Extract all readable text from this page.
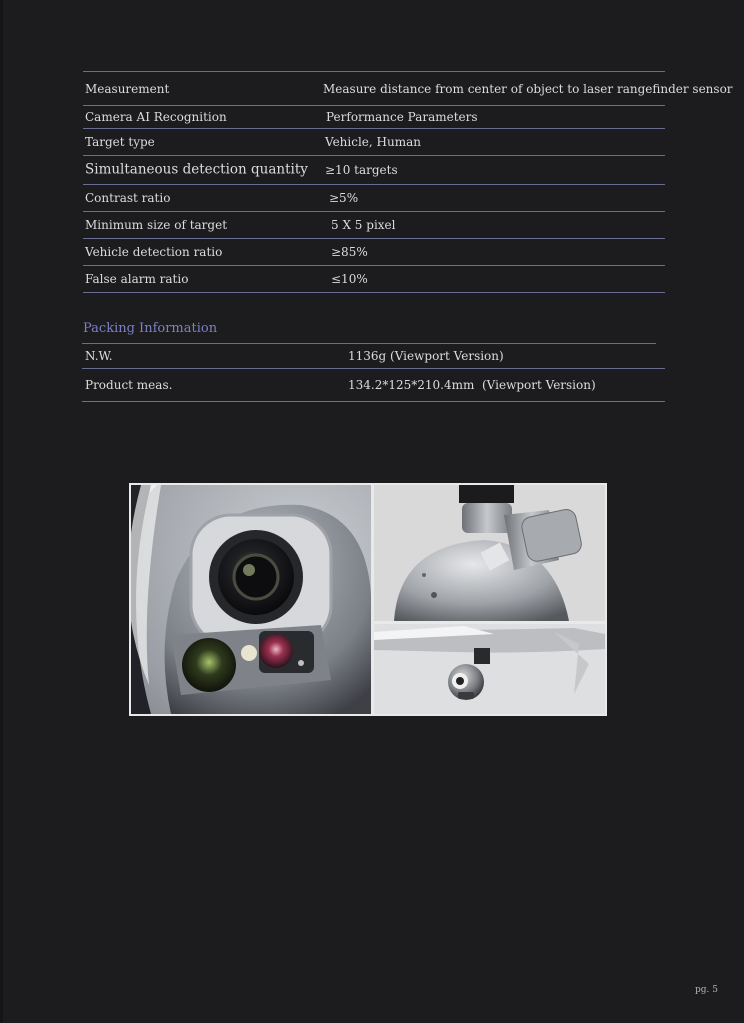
Measurement	Measure distance from center of object to laser rangefinder sensor
Camera AI Recognition	Performance Parameters
Target type	Vehicle, Human
Simultaneous detection quantity ≥10 targets
Contrast ratio	≥5%
Minimum size of target	5 X 5 pixel
Vehicle detection ratio	≥85%
False alarm ratio	≤10%
Packing Information
N.W.	1136g (Viewport Version)
Product meas.	134.2*125*210.4mm  (Viewport Version)
pg. 5
